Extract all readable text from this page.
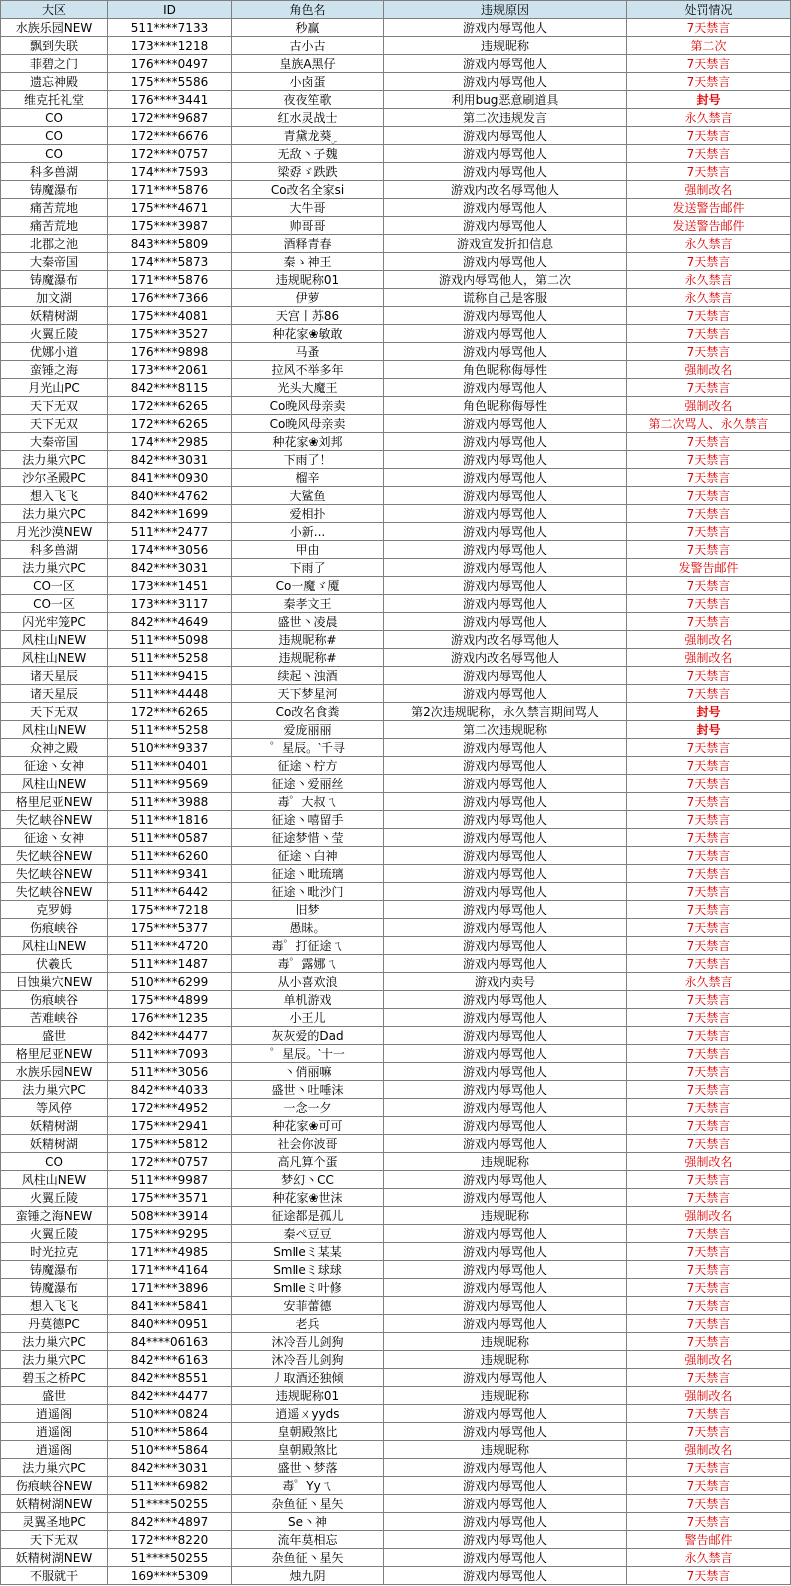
大区	ID	角色名	违规原因	处罚情况
水族乐园NEW	511****7133	秒赢	游戏内辱骂他人	7天禁言
飘到失联	173****1218	古小古	违规昵称	第二次
菲碧之门	176****0497	皇族A黑仔	游戏内辱骂他人	7天禁言
遗忘神殿	175****5586	小卤蛋	游戏内辱骂他人	7天禁言
维克托礼堂	176****3441	夜夜笙歌	利用bug恶意刷道具	封号
CO	172****9687	红水灵战士	第二次违规发言	永久禁言
CO	172****6676	青黛龙葵ۣ	游戏内辱骂他人	7天禁言
CO	172****0757	无敌丶子魏	游戏内辱骂他人	7天禁言
科多兽湖	174****7593	梁孬ゞ跌跌	游戏内辱骂他人	7天禁言
铸魔瀑布	171****5876	Co改名全家si	游戏内改名辱骂他人	强制改名
痛苦荒地	175****4671	大牛哥	游戏内辱骂他人	发送警告邮件
痛苦荒地	175****3987	帅哥哥	游戏内辱骂他人	发送警告邮件
北郡之池	843****5809	酒释青春	游戏宣发折扣信息	永久禁言
大秦帝国	174****5873	秦ゝ神王	游戏内辱骂他人	7天禁言
铸魔瀑布	171****5876	违规昵称01	游戏内辱骂他人，第二次	永久禁言
加文湖	176****7366	伊萝	谎称自己是客服	永久禁言
妖精树湖	175****4081	天宫丨苏86	游戏内辱骂他人	7天禁言
火翼丘陵	175****3527	种花家❀敏敢	游戏内辱骂他人	7天禁言
优娜小道	176****9898	马蚤	游戏内辱骂他人	7天禁言
蛮锤之海	173****2061	拉风不举多年	角色昵称侮辱性	强制改名
月光山PC	842****8115	光头大魔王	游戏内辱骂他人	7天禁言
天下无双	172****6265	Co晚风母亲卖	角色昵称侮辱性	强制改名
天下无双	172****6265	Co晚风母亲卖	游戏内辱骂他人	第二次骂人、永久禁言
大秦帝国	174****2985	种花家❀刘邦	游戏内辱骂他人	7天禁言
法力巢穴PC	842****3031	下雨了！	游戏内辱骂他人	7天禁言
沙尔圣殿PC	841****0930	榴辛	游戏内辱骂他人	7天禁言
想入飞飞	840****4762	大鲨鱼	游戏内辱骂他人	7天禁言
法力巢穴PC	842****1699	爱相扑	游戏内辱骂他人	7天禁言
月光沙漠NEW	511****2477	小新...	游戏内辱骂他人	7天禁言
科多兽湖	174****3056	甲由	游戏内辱骂他人	7天禁言
法力巢穴PC	842****3031	下雨了	游戏内辱骂他人	发警告邮件
CO一区	173****1451	Co一魔ゞ魇	游戏内辱骂他人	7天禁言
CO一区	173****3117	秦孝文王	游戏内辱骂他人	7天禁言
闪光牢笼PC	842****4649	盛世丶凌晨	游戏内辱骂他人	7天禁言
风柱山NEW	511****5098	违规昵称#	游戏内改名辱骂他人	强制改名
风柱山NEW	511****5258	违规昵称#	游戏内改名辱骂他人	强制改名
诸天星辰	511****9415	续起丶浊酒	游戏内辱骂他人	7天禁言
诸天星辰	511****4448	天下梦星河	游戏内辱骂他人	7天禁言
天下无双	172****6265	Co改名食粪	第2次违规昵称，永久禁言期间骂人	封号
风柱山NEW	511****5258	爱庞丽丽	第二次违规昵称	封号
众神之殿	510****9337	゜星辰。‵千寻	游戏内辱骂他人	7天禁言
征途丶女神	511****0401	征途丶柠方	游戏内辱骂他人	7天禁言
风柱山NEW	511****9569	征途丶爱丽丝	游戏内辱骂他人	7天禁言
格里尼亚NEW	511****3988	毒゜大叔ㄟ	游戏内辱骂他人	7天禁言
失忆峡谷NEW	511****1816	征途丶嘻留手	游戏内辱骂他人	7天禁言
征途丶女神	511****0587	征途梦惜丶莹	游戏内辱骂他人	7天禁言
失忆峡谷NEW	511****6260	征途丶白神	游戏内辱骂他人	7天禁言
失忆峡谷NEW	511****9341	征途丶毗琉璃	游戏内辱骂他人	7天禁言
失忆峡谷NEW	511****6442	征途丶毗沙门	游戏内辱骂他人	7天禁言
克罗姆	175****7218	旧梦	游戏内辱骂他人	7天禁言
伤痕峡谷	175****5377	愚昧。	游戏内辱骂他人	7天禁言
风柱山NEW	511****4720	毒゜打征途ㄟ	游戏内辱骂他人	7天禁言
伏羲氏	511****1487	毒゜露娜ㄟ	游戏内辱骂他人	7天禁言
日蚀巢穴NEW	510****6299	从小喜欢浪	游戏内卖号	永久禁言
伤痕峡谷	175****4899	单机游戏	游戏内辱骂他人	7天禁言
苦难峡谷	176****1235	小王儿	游戏内辱骂他人	7天禁言
盛世	842****4477	灰灰爱的Dad	游戏内辱骂他人	7天禁言
格里尼亚NEW	511****7093	゜星辰。‵十一	游戏内辱骂他人	7天禁言
水族乐园NEW	511****3056	丶俏丽嘛	游戏内辱骂他人	7天禁言
法力巢穴PC	842****4033	盛世丶吐唾沫	游戏内辱骂他人	7天禁言
等风停	172****4952	一念一夕	游戏内辱骂他人	7天禁言
妖精树湖	175****2941	种花家❀可可	游戏内辱骂他人	7天禁言
妖精树湖	175****5812	社会你波哥	游戏内辱骂他人	7天禁言
CO	172****0757	高凡算个蛋	违规昵称	强制改名
风柱山NEW	511****9987	梦幻丶CC	游戏内辱骂他人	7天禁言
火翼丘陵	175****3571	种花家❀世沫	游戏内辱骂他人	7天禁言
蛮锤之海NEW	508****3914	征途都是孤儿	违规昵称	强制改名
火翼丘陵	175****9295	秦ぺ豆豆	游戏内辱骂他人	7天禁言
时光拉克	171****4985	SmⅡeミ某某	游戏内辱骂他人	7天禁言
铸魔瀑布	171****4164	SmⅡeミ球球	游戏内辱骂他人	7天禁言
铸魔瀑布	171****3896	SmⅡeミ叶修	游戏内辱骂他人	7天禁言
想入飞飞	841****5841	安菲蕾德	游戏内辱骂他人	7天禁言
丹莫德PC	840****0951	老兵	游戏内辱骂他人	7天禁言
法力巢穴PC	84****06163	沐冷吾儿剑狗	违规昵称	7天禁言
法力巢穴PC	842****6163	沐冷吾儿剑狗	违规昵称	强制改名
碧玉之桥PC	842****8551	丿取酒还独倾	游戏内辱骂他人	7天禁言
盛世	842****4477	违规昵称01	违规昵称	强制改名
逍遥阁	510****0824	逍遥ㄨyyds	游戏内辱骂他人	7天禁言
逍遥阁	510****5864	皇朝殿煞比	游戏内辱骂他人	7天禁言
逍遥阁	510****5864	皇朝殿煞比	违规昵称	强制改名
法力巢穴PC	842****3031	盛世丶梦落	游戏内辱骂他人	7天禁言
伤痕峡谷NEW	511****6982	毒゜Yyㄟ	游戏内辱骂他人	7天禁言
妖精树湖NEW	51****50255	杂鱼征丶星矢	游戏内辱骂他人	7天禁言
灵翼圣地PC	842****4897	Se丶神	游戏内辱骂他人	7天禁言
天下无双	172****8220	流年莫相忘	游戏内辱骂他人	警告邮件
妖精树湖NEW	51****50255	杂鱼征丶星矢	游戏内辱骂他人	永久禁言
不服就干	169****5309	烛九阴	游戏内辱骂他人	7天禁言
